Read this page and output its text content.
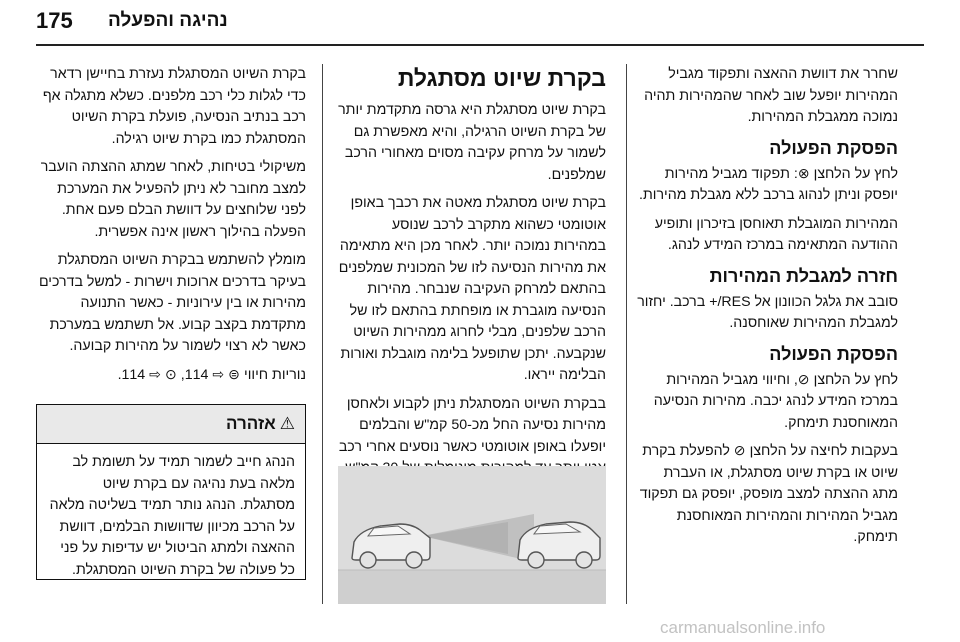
175 נהיגה והפעלה

שחרר את דוושת ההאצה ותפקוד מגביל המהירות יופעל שוב לאחר שהמהירות תהיה נמוכה ממגבלת המהירות.

הפסקת הפעולה

לחץ על הלחצן ⊗: תפקוד מגביל מהירות יופסק וניתן לנהוג ברכב ללא מגבלת מהירות.

המהירות המוגבלת תאוחסן בזיכרון ותופיע ההודעה המתאימה במרכז המידע לנהג.

חזרה למגבלת המהירות

סובב את גלגל הכוונון אל RES/+ ברכב. יחזור למגבלת המהירות שאוחסנה.

הפסקת הפעולה

לחץ על הלחצן ⊘, וחיווי מגביל המהירות במרכז המידע לנהג יכבה. מהירות הנסיעה המאוחסנת תימחק.

בעקבות לחיצה על הלחצן ⊘ להפעלת בקרת שיוט או בקרת שיוט מסתגלת, או העברת מתג ההצתה למצב מופסק, יופסק גם תפקוד מגביל המהירות והמהירות המאוחסנת תימחק.

בקרת שיוט מסתגלת

בקרת שיוט מסתגלת היא גרסה מתקדמת יותר של בקרת השיוט הרגילה, והיא מאפשרת גם לשמור על מרחק עקיבה מסוים מאחורי הרכב שמלפנים.

בקרת שיוט מסתגלת מאטה את רכבך באופן אוטומטי כשהוא מתקרב לרכב שנוסע במהירות נמוכה יותר. לאחר מכן היא מתאימה את מהירות הנסיעה לזו של המכונית שמלפנים בהתאם למרחק העקיבה שנבחר. מהירות הנסיעה מוגברת או מופחתת בהתאם לזו של הרכב שלפנים, מבלי לחרוג ממהירות השיוט שנקבעה. יתכן שתופעל בלימה מוגבלת ואורות הבלימה ייראו.

בבקרת השיוט המסתגלת ניתן לקבוע ולאחסן מהירות נסיעה החל מכ-50 קמ"ש והבלמים יופעלו באופן אוטומטי כאשר נוסעים אחרי רכב

בקרת השיוט המסתגלת נעזרת בחיישן רדאר כדי לגלות כלי רכב מלפנים. כשלא מתגלה אף רכב בנתיב הנסיעה, פועלת בקרת השיוט המסתגלת כמו בקרת שיוט רגילה.

משיקולי בטיחות, לאחר שמתג ההצתה הועבר למצב מחובר לא ניתן להפעיל את המערכת לפני שלוחצים על דוושת הבלם פעם אחת. הפעלה בהילוך ראשון אינה אפשרית.

מומלץ להשתמש בבקרת השיוט המסתגלת בעיקר בדרכים ארוכות וישרות - למשל בדרכים מהירות או בין עירוניות - כאשר התנועה מתקדמת בקצב קבוע. אל תשתמש במערכת כאשר לא רצוי לשמור על מהירות קבועה.

נוריות חיווי ⊜ ⇨ 114, ⊙ ⇨ 114.

⚠
אזהרה
הנהג חייב לשמור תמיד על תשומת לב מלאה בעת נהיגה עם בקרת שיוט מסתגלת. הנהג נותר תמיד בשליטה מלאה על הרכב מכיוון שדוושות הבלמים, דוושת ההאצה ולמתג הביטול יש עדיפות על פני כל פעולה של בקרת השיוט המסתגלת.
carmanualsonline.info
